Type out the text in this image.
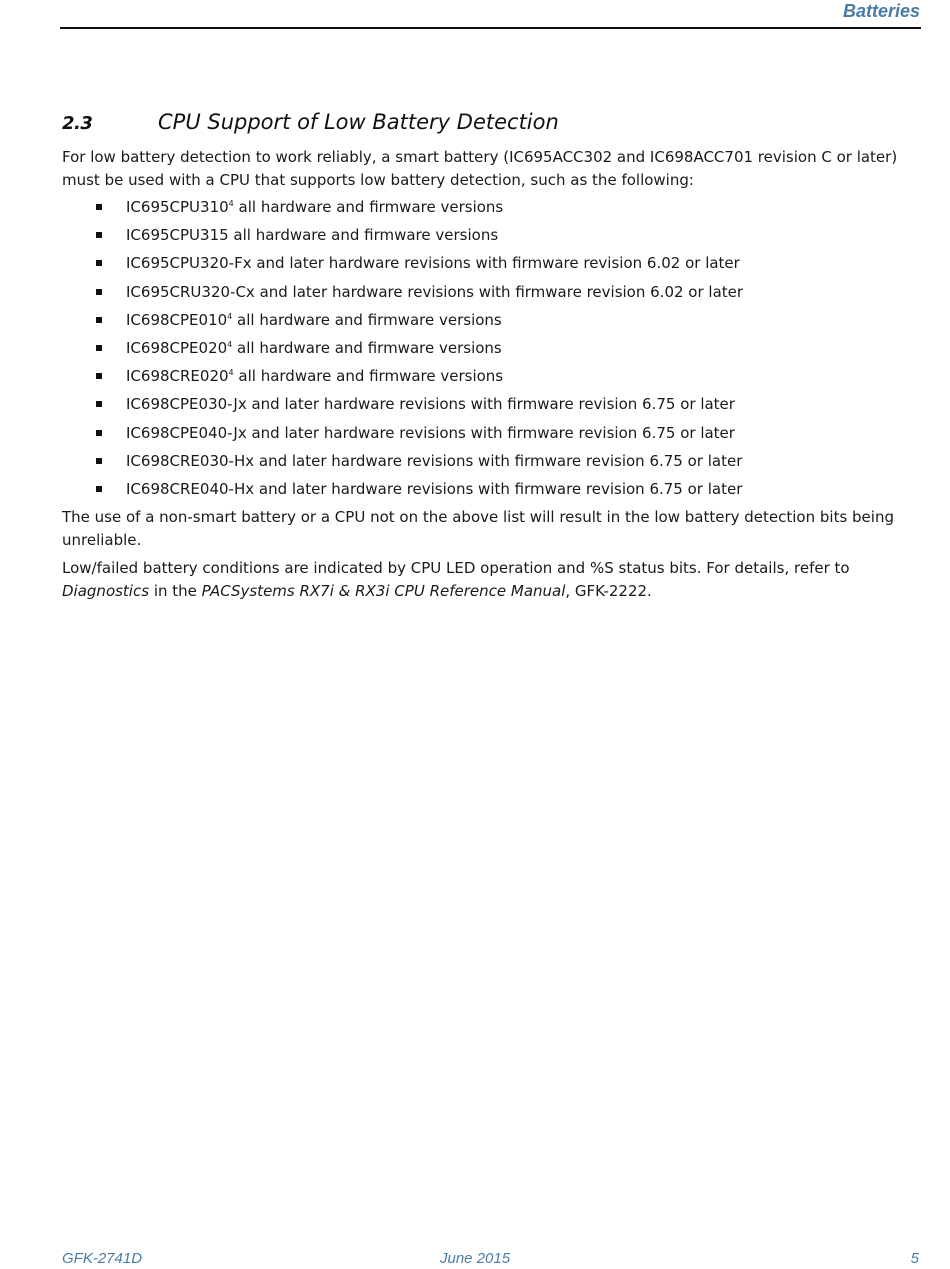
Batteries
2.3	CPU Support of Low Battery Detection
For low battery detection to work reliably, a smart battery (IC695ACC302 and IC698ACC701 revision C or later) must be used with a CPU that supports low battery detection, such as the following:
$IC695CPU310^4$ all hardware and firmware versions
IC695CPU315 all hardware and firmware versions
IC695CPU320-Fx and later hardware revisions with firmware revision 6.02 or later
IC695CRU320-Cx and later hardware revisions with firmware revision 6.02 or later
$IC698CPE010^4$ all hardware and firmware versions
$IC698CPE020^4$ all hardware and firmware versions
$IC698CRE020^4$ all hardware and firmware versions
IC698CPE030-Jx and later hardware revisions with firmware revision 6.75 or later
IC698CPE040-Jx and later hardware revisions with firmware revision 6.75 or later
IC698CRE030-Hx and later hardware revisions with firmware revision 6.75 or later
IC698CRE040-Hx and later hardware revisions with firmware revision 6.75 or later
The use of a non-smart battery or a CPU not on the above list will result in the low battery detection bits being unreliable.
Low/failed battery conditions are indicated by CPU LED operation and %S status bits. For details, refer to Diagnostics in the PACSystems RX7i & RX3i CPU Reference Manual, GFK-2222.
GFK-2741D	June 2015	5
